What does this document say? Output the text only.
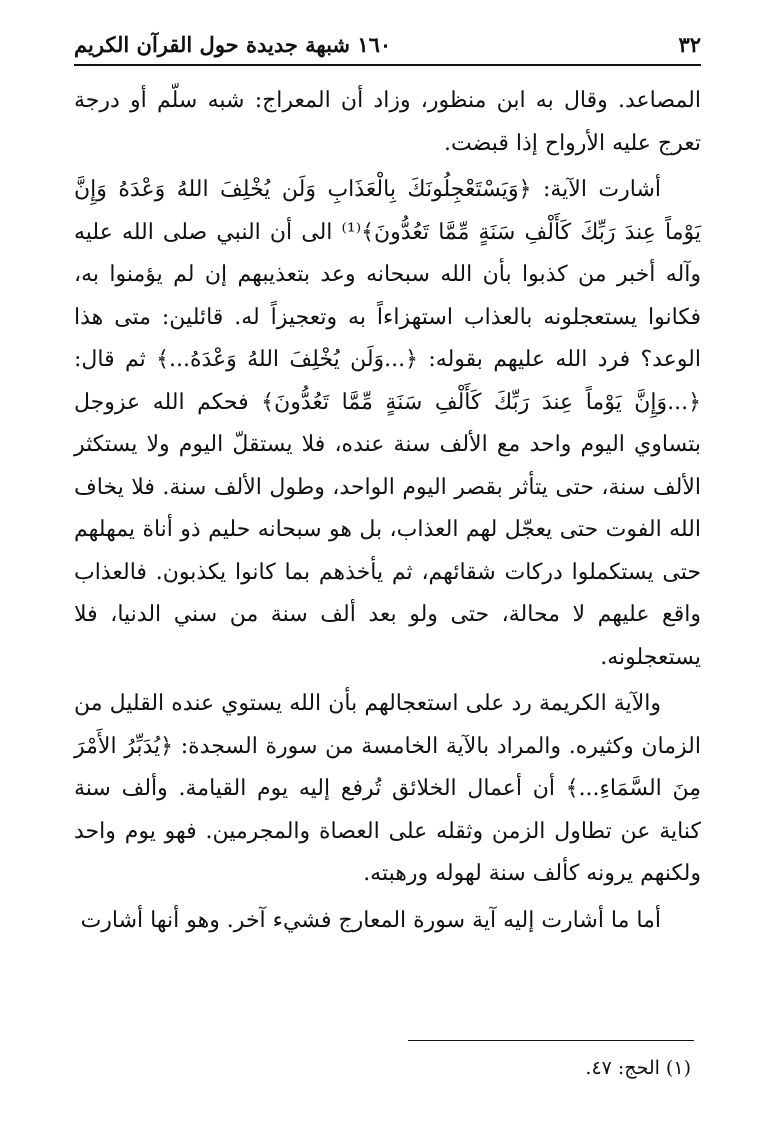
٣٢
١٦٠ شبهة جديدة حول القرآن الكريم

المصاعد. وقال به ابن منظور، وزاد أن المعراج: شبه سلّم أو درجة تعرج عليه الأرواح إذا قبضت.

أشارت الآية: ﴿وَيَسْتَعْجِلُونَكَ بِالْعَذَابِ وَلَن يُخْلِفَ اللهُ وَعْدَهُ وَإِنَّ يَوْماً عِندَ رَبِّكَ كَأَلْفِ سَنَةٍ مِّمَّا تَعُدُّونَ﴾⁽¹⁾ الى أن النبي صلى الله عليه وآله أخبر من كذبوا بأن الله سبحانه وعد بتعذيبهم إن لم يؤمنوا به، فكانوا يستعجلونه بالعذاب استهزاءاً به وتعجيزاً له. قائلين: متى هذا الوعد؟ فرد الله عليهم بقوله: ﴿...وَلَن يُخْلِفَ اللهُ وَعْدَهُ...﴾ ثم قال: ﴿...وَإِنَّ يَوْماً عِندَ رَبِّكَ كَأَلْفِ سَنَةٍ مِّمَّا تَعُدُّونَ﴾ فحكم الله عزوجل بتساوي اليوم واحد مع الألف سنة عنده، فلا يستقلّ اليوم ولا يستكثر الألف سنة، حتى يتأثر بقصر اليوم الواحد، وطول الألف سنة. فلا يخاف الله الفوت حتى يعجّل لهم العذاب، بل هو سبحانه حليم ذو أناة يمهلهم حتى يستكملوا دركات شقائهم، ثم يأخذهم بما كانوا يكذبون. فالعذاب واقع عليهم لا محالة، حتى ولو بعد ألف سنة من سني الدنيا، فلا يستعجلونه.

والآية الكريمة رد على استعجالهم بأن الله يستوي عنده القليل من الزمان وكثيره. والمراد بالآية الخامسة من سورة السجدة: ﴿يُدَبِّرُ الأَمْرَ مِنَ السَّمَاءِ...﴾ أن أعمال الخلائق تُرفع إليه يوم القيامة. وألف سنة كناية عن تطاول الزمن وثقله على العصاة والمجرمين. فهو يوم واحد ولكنهم يرونه كألف سنة لهوله ورهبته.

أما ما أشارت إليه آية سورة المعارج فشيء آخر. وهو أنها أشارت

(١) الحج: ٤٧.
